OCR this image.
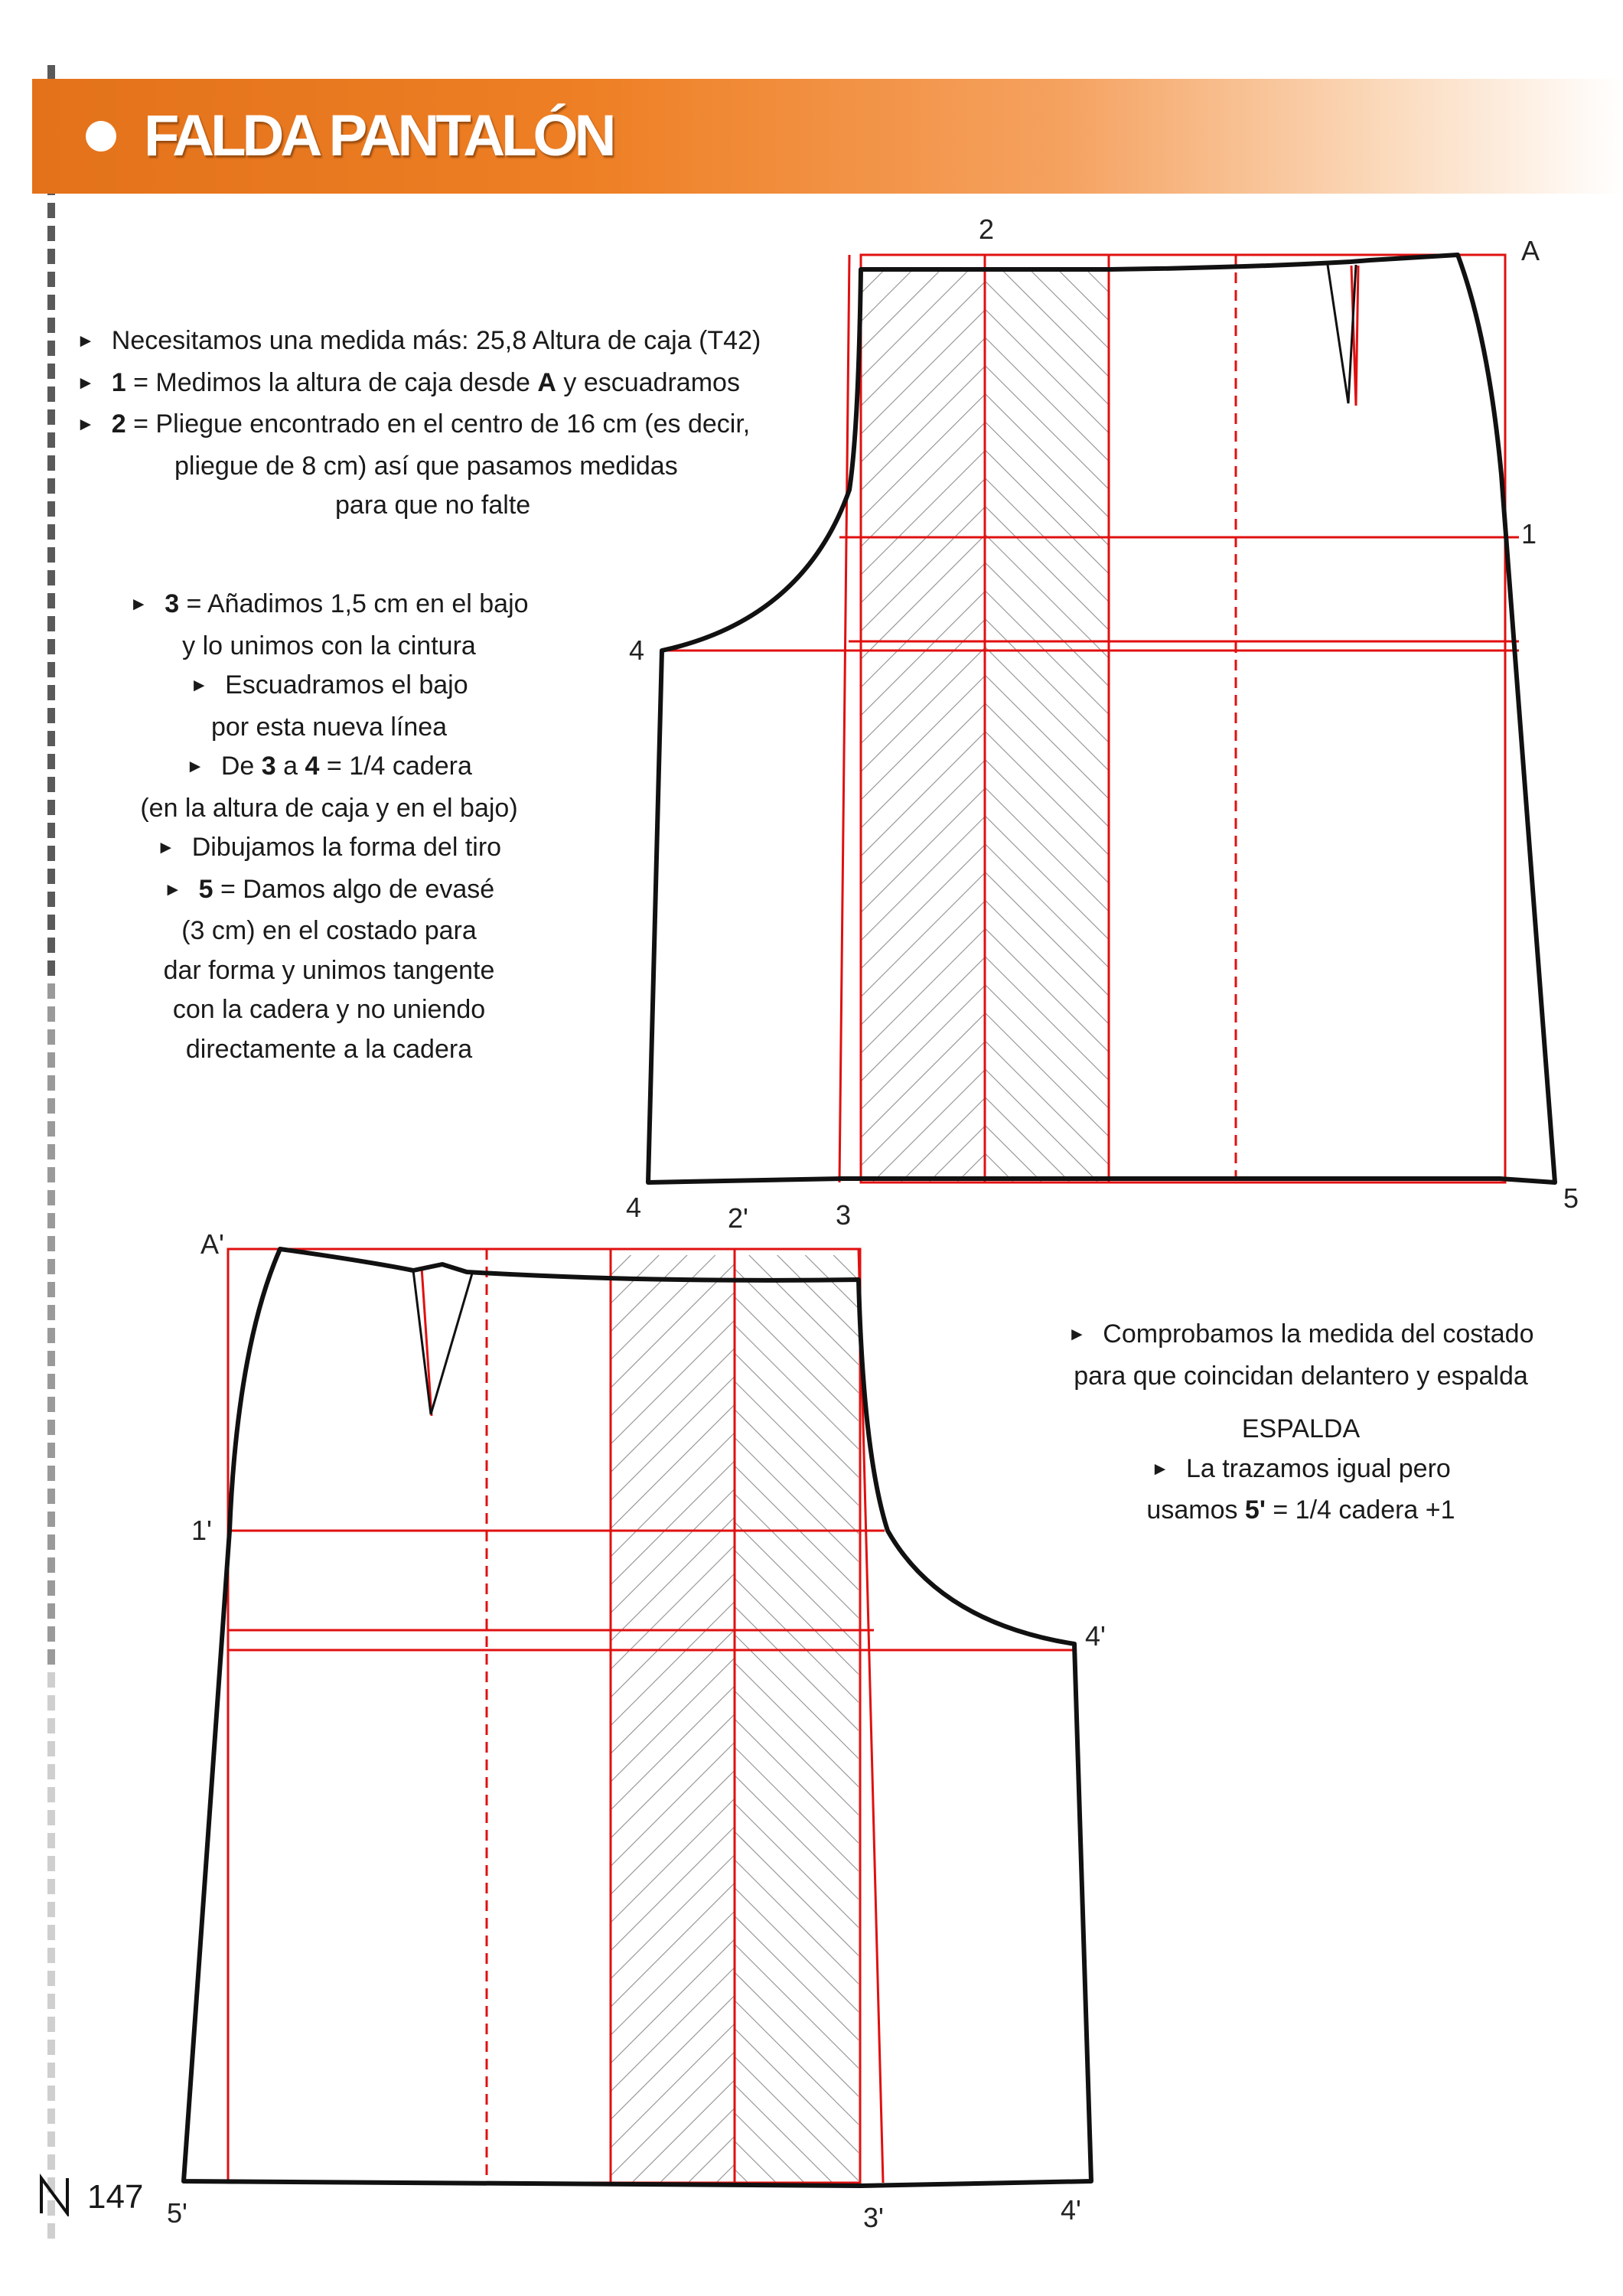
FALDA PANTALÓN
► Necesitamos una medida más: 25,8 Altura de caja (T42)
► 1 = Medimos la altura de caja desde A y escuadramos
► 2 = Pliegue encontrado en el centro de 16 cm (es decir,
pliegue de 8 cm) así que pasamos medidas
para que no falte
► 3 = Añadimos 1,5 cm en el bajo
y lo unimos con la cintura
► Escuadramos el bajo
por esta nueva línea
► De 3 a 4 = 1/4 cadera
(en la altura de caja y en el bajo)
► Dibujamos la forma del tiro
► 5 = Damos algo de evasé
(3 cm) en el costado para
dar forma y unimos tangente
con la cadera y no uniendo
directamente a la cadera
► Comprobamos la medida del costado
para que coincidan delantero y espalda
ESPALDA
► La trazamos igual pero
usamos 5' = 1/4 cadera +1
2
A
1
4
4	2'	3
5
A'
1'
4'
5'	3'	4'
147
